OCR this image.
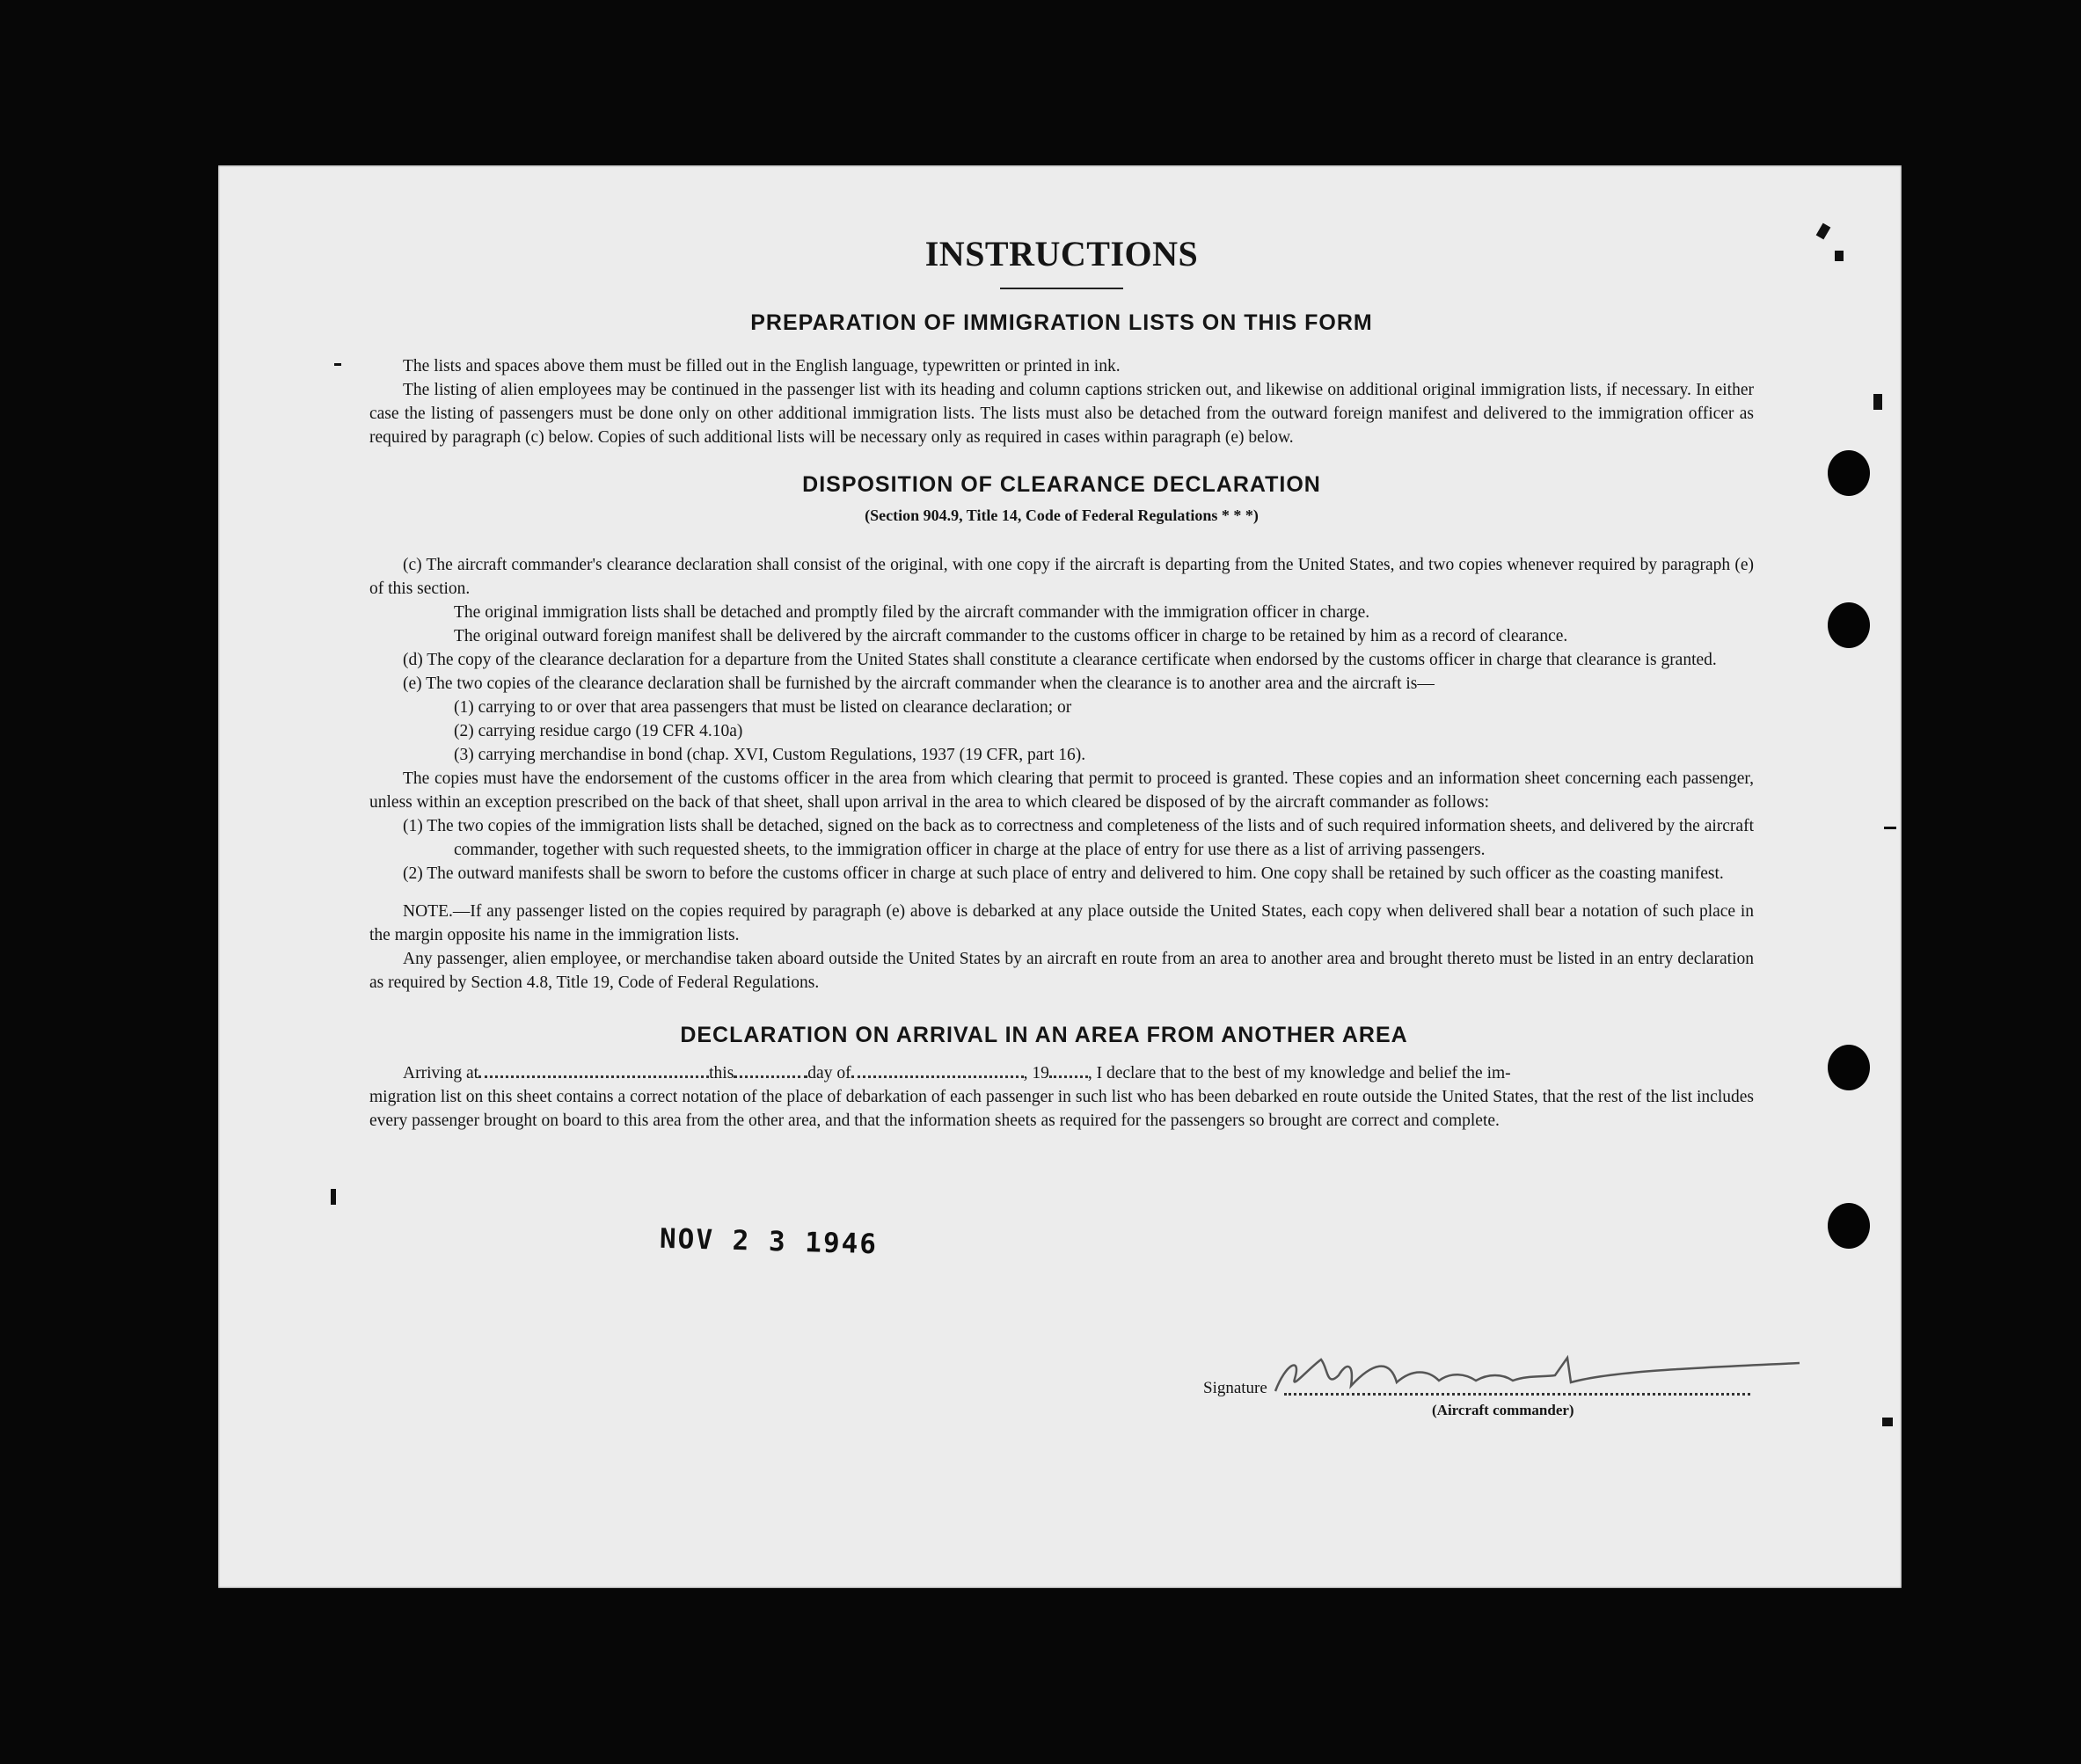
INSTRUCTIONS
PREPARATION OF IMMIGRATION LISTS ON THIS FORM

The lists and spaces above them must be filled out in the English language, typewritten or printed in ink.

The listing of alien employees may be continued in the passenger list with its heading and column captions stricken out, and likewise on additional original immigration lists, if necessary. In either case the listing of passengers must be done only on other additional immigration lists. The lists must also be detached from the outward foreign manifest and delivered to the immigration officer as required by paragraph (c) below. Copies of such additional lists will be necessary only as required in cases within paragraph (e) below.

DISPOSITION OF CLEARANCE DECLARATION
(Section 904.9, Title 14, Code of Federal Regulations * * *)

(c) The aircraft commander's clearance declaration shall consist of the original, with one copy if the aircraft is departing from the United States, and two copies whenever required by paragraph (e) of this section.

The original immigration lists shall be detached and promptly filed by the aircraft commander with the immigration officer in charge.

The original outward foreign manifest shall be delivered by the aircraft commander to the customs officer in charge to be retained by him as a record of clearance.

(d) The copy of the clearance declaration for a departure from the United States shall constitute a clearance certificate when endorsed by the customs officer in charge that clearance is granted.

(e) The two copies of the clearance declaration shall be furnished by the aircraft commander when the clearance is to another area and the aircraft is—

(1) carrying to or over that area passengers that must be listed on clearance declaration; or

(2) carrying residue cargo (19 CFR 4.10a)

(3) carrying merchandise in bond (chap. XVI, Custom Regulations, 1937 (19 CFR, part 16).

The copies must have the endorsement of the customs officer in the area from which clearing that permit to proceed is granted. These copies and an information sheet concerning each passenger, unless within an exception prescribed on the back of that sheet, shall upon arrival in the area to which cleared be disposed of by the aircraft commander as follows:

(1) The two copies of the immigration lists shall be detached, signed on the back as to correctness and completeness of the lists and of such required information sheets, and delivered by the aircraft commander, together with such requested sheets, to the immigration officer in charge at the place of entry for use there as a list of arriving passengers.

(2) The outward manifests shall be sworn to before the customs officer in charge at such place of entry and delivered to him. One copy shall be retained by such officer as the coasting manifest.

NOTE.—If any passenger listed on the copies required by paragraph (e) above is debarked at any place outside the United States, each copy when delivered shall bear a notation of such place in the margin opposite his name in the immigration lists.

Any passenger, alien employee, or merchandise taken aboard outside the United States by an aircraft en route from an area to another area and brought thereto must be listed in an entry declaration as required by Section 4.8, Title 19, Code of Federal Regulations.

DECLARATION ON ARRIVAL IN AN AREA FROM ANOTHER AREA

Arriving at	this	day of	, 19 , I declare that to the best of my knowledge and belief the im-

migration list on this sheet contains a correct notation of the place of debarkation of each passenger in such list who has been debarked en route outside the United States, that the rest of the list includes every passenger brought on board to this area from the other area, and that the information sheets as required for the passengers so brought are correct and complete.

NOV 2 3 1946
Signature
(Aircraft commander)
